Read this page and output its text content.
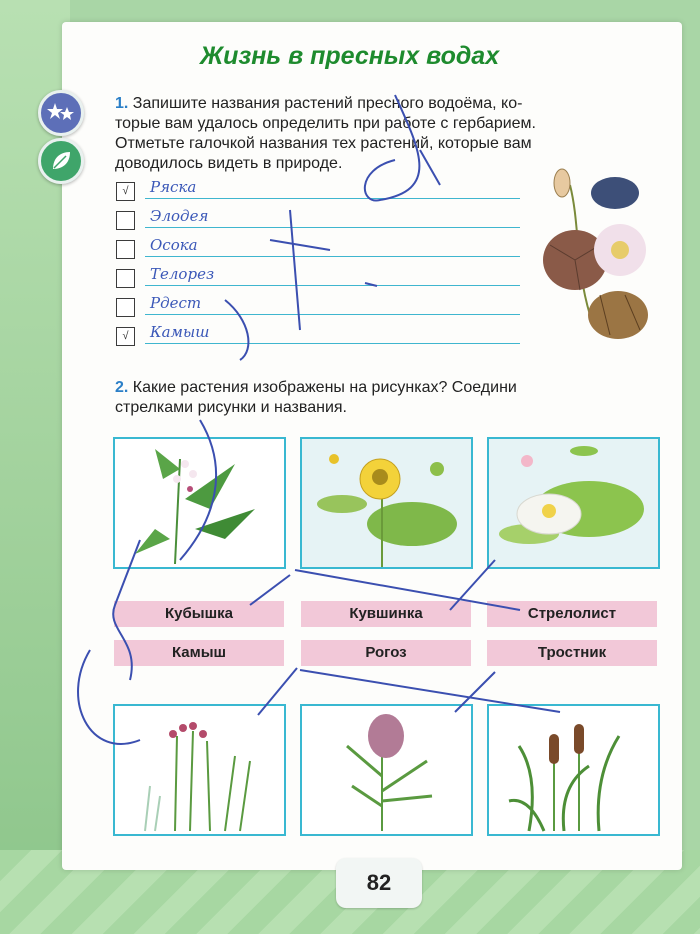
Жизнь в пресных водах
1. Запишите названия растений пресного водоёма, ко-
торые вам удалось определить при работе с гербарием.
Отметьте галочкой названия тех растений, которые вам
доводилось видеть в природе.
√	Ряска
Элодея
Осока
Телорез
Рдест
√	Камыш
2. Какие растения изображены на рисунках? Соедини
стрелками рисунки и названия.
Кубышка	Кувшинка	Стрелолист
Камыш	Рогоз	Тростник
82
